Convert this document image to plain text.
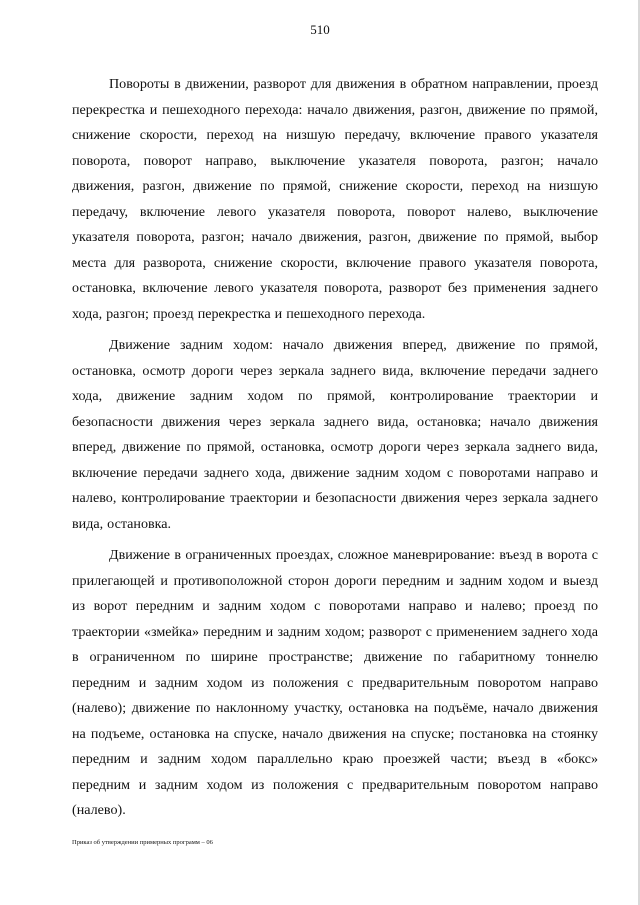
510

Повороты в движении, разворот для движения в обратном направлении, проезд перекрестка и пешеходного перехода: начало движения, разгон, движение по прямой, снижение скорости, переход на низшую передачу, включение правого указателя поворота, поворот направо, выключение указателя поворота, разгон; начало движения, разгон, движение по прямой, снижение скорости, переход на низшую передачу, включение левого указателя поворота, поворот налево, выключение указателя поворота, разгон; начало движения, разгон, движение по прямой, выбор места для разворота, снижение скорости, включение правого указателя поворота, остановка, включение левого указателя поворота, разворот без применения заднего хода, разгон; проезд перекрестка и пешеходного перехода.

Движение задним ходом: начало движения вперед, движение по прямой, остановка, осмотр дороги через зеркала заднего вида, включение передачи заднего хода, движение задним ходом по прямой, контролирование траектории и безопасности движения через зеркала заднего вида, остановка; начало движения вперед, движение по прямой, остановка, осмотр дороги через зеркала заднего вида, включение передачи заднего хода, движение задним ходом с поворотами направо и налево, контролирование траектории и безопасности движения через зеркала заднего вида, остановка.

Движение в ограниченных проездах, сложное маневрирование: въезд в ворота с прилегающей и противоположной сторон дороги передним и задним ходом и выезд из ворот передним и задним ходом с поворотами направо и налево; проезд по траектории «змейка» передним и задним ходом; разворот с применением заднего хода в ограниченном по ширине пространстве; движение по габаритному тоннелю передним и задним ходом из положения с предварительным поворотом направо (налево); движение по наклонному участку, остановка на подъёме, начало движения на подъеме, остановка на спуске, начало движения на спуске; постановка на стоянку передним и задним ходом параллельно краю проезжей части; въезд в «бокс» передним и задним ходом из положения с предварительным поворотом направо (налево).

Приказ об утверждении примерных программ – 06
